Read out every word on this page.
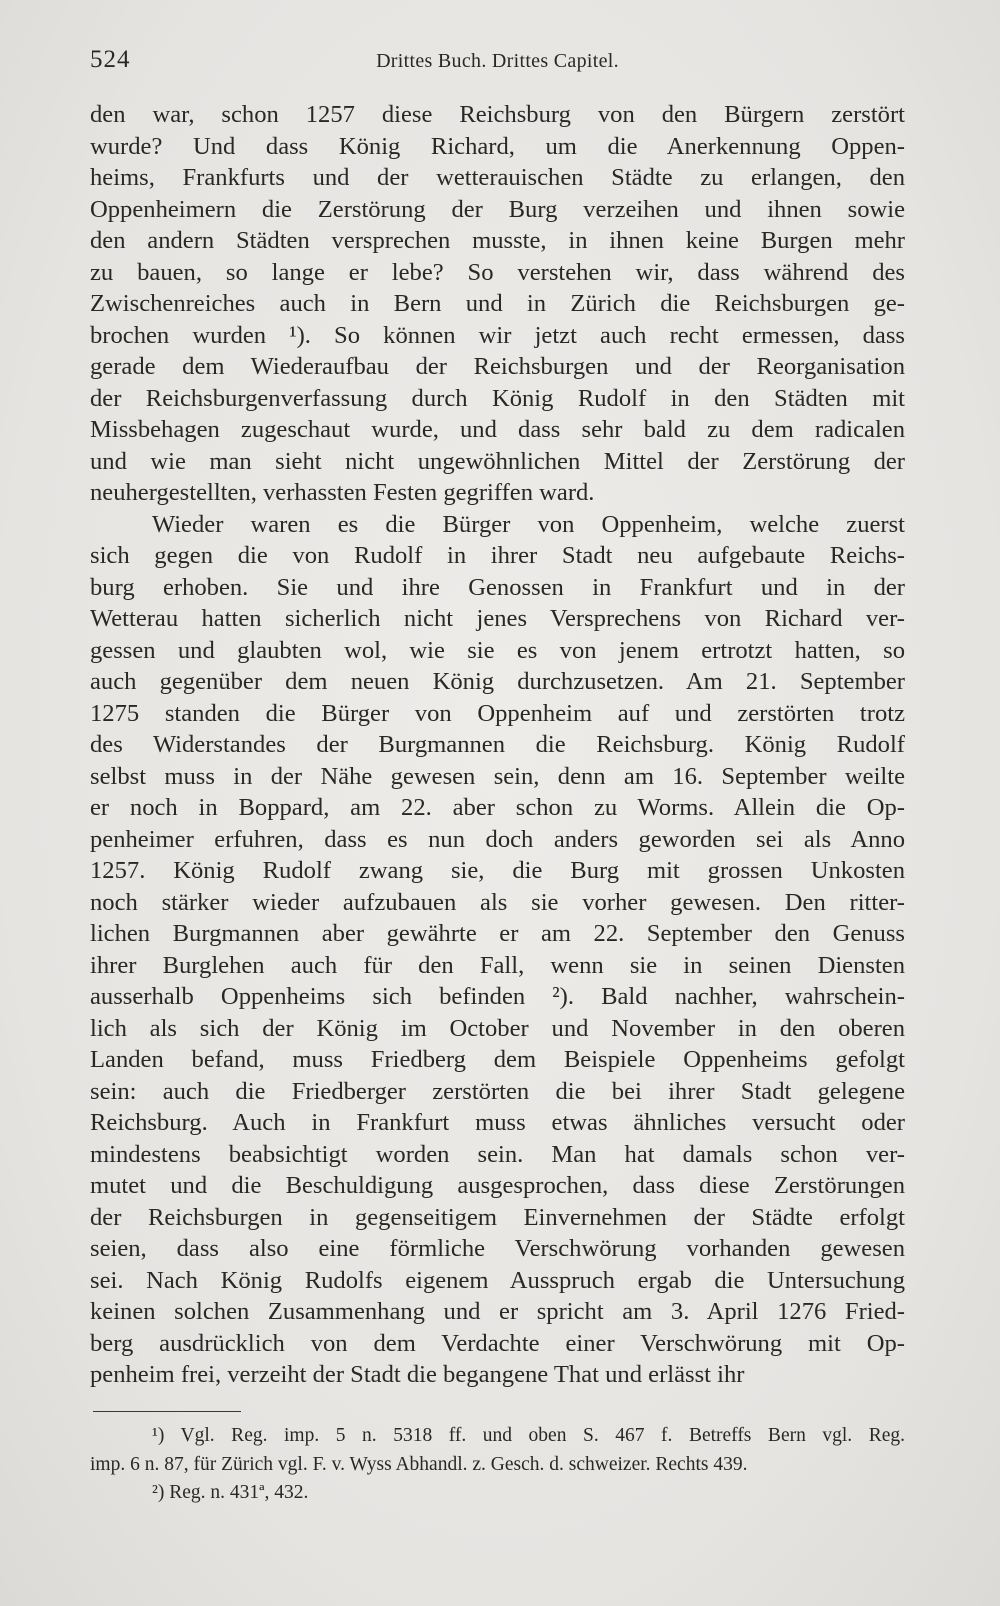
524	Drittes Buch. Drittes Capitel.
den war, schon 1257 diese Reichsburg von den Bürgern zerstört
wurde? Und dass König Richard, um die Anerkennung Oppen-
heims, Frankfurts und der wetterauischen Städte zu erlangen, den
Oppenheimern die Zerstörung der Burg verzeihen und ihnen sowie
den andern Städten versprechen musste, in ihnen keine Burgen mehr
zu bauen, so lange er lebe? So verstehen wir, dass während des
Zwischenreiches auch in Bern und in Zürich die Reichsburgen ge-
brochen wurden ¹). So können wir jetzt auch recht ermessen, dass
gerade dem Wiederaufbau der Reichsburgen und der Reorganisation
der Reichsburgenverfassung durch König Rudolf in den Städten mit
Missbehagen zugeschaut wurde, und dass sehr bald zu dem radicalen
und wie man sieht nicht ungewöhnlichen Mittel der Zerstörung der
neuhergestellten, verhassten Festen gegriffen ward.
Wieder waren es die Bürger von Oppenheim, welche zuerst
sich gegen die von Rudolf in ihrer Stadt neu aufgebaute Reichs-
burg erhoben. Sie und ihre Genossen in Frankfurt und in der
Wetterau hatten sicherlich nicht jenes Versprechens von Richard ver-
gessen und glaubten wol, wie sie es von jenem ertrotzt hatten, so
auch gegenüber dem neuen König durchzusetzen. Am 21. September
1275 standen die Bürger von Oppenheim auf und zerstörten trotz
des Widerstandes der Burgmannen die Reichsburg. König Rudolf
selbst muss in der Nähe gewesen sein, denn am 16. September weilte
er noch in Boppard, am 22. aber schon zu Worms. Allein die Op-
penheimer erfuhren, dass es nun doch anders geworden sei als Anno
1257. König Rudolf zwang sie, die Burg mit grossen Unkosten
noch stärker wieder aufzubauen als sie vorher gewesen. Den ritter-
lichen Burgmannen aber gewährte er am 22. September den Genuss
ihrer Burglehen auch für den Fall, wenn sie in seinen Diensten
ausserhalb Oppenheims sich befinden ²). Bald nachher, wahrschein-
lich als sich der König im October und November in den oberen
Landen befand, muss Friedberg dem Beispiele Oppenheims gefolgt
sein: auch die Friedberger zerstörten die bei ihrer Stadt gelegene
Reichsburg. Auch in Frankfurt muss etwas ähnliches versucht oder
mindestens beabsichtigt worden sein. Man hat damals schon ver-
mutet und die Beschuldigung ausgesprochen, dass diese Zerstörungen
der Reichsburgen in gegenseitigem Einvernehmen der Städte erfolgt
seien, dass also eine förmliche Verschwörung vorhanden gewesen
sei. Nach König Rudolfs eigenem Ausspruch ergab die Untersuchung
keinen solchen Zusammenhang und er spricht am 3. April 1276 Fried-
berg ausdrücklich von dem Verdachte einer Verschwörung mit Op-
penheim frei, verzeiht der Stadt die begangene That und erlässt ihr
¹) Vgl. Reg. imp. 5 n. 5318 ff. und oben S. 467 f. Betreffs Bern vgl. Reg.
imp. 6 n. 87, für Zürich vgl. F. v. Wyss Abhandl. z. Gesch. d. schweizer. Rechts 439.
²) Reg. n. 431ª, 432.
